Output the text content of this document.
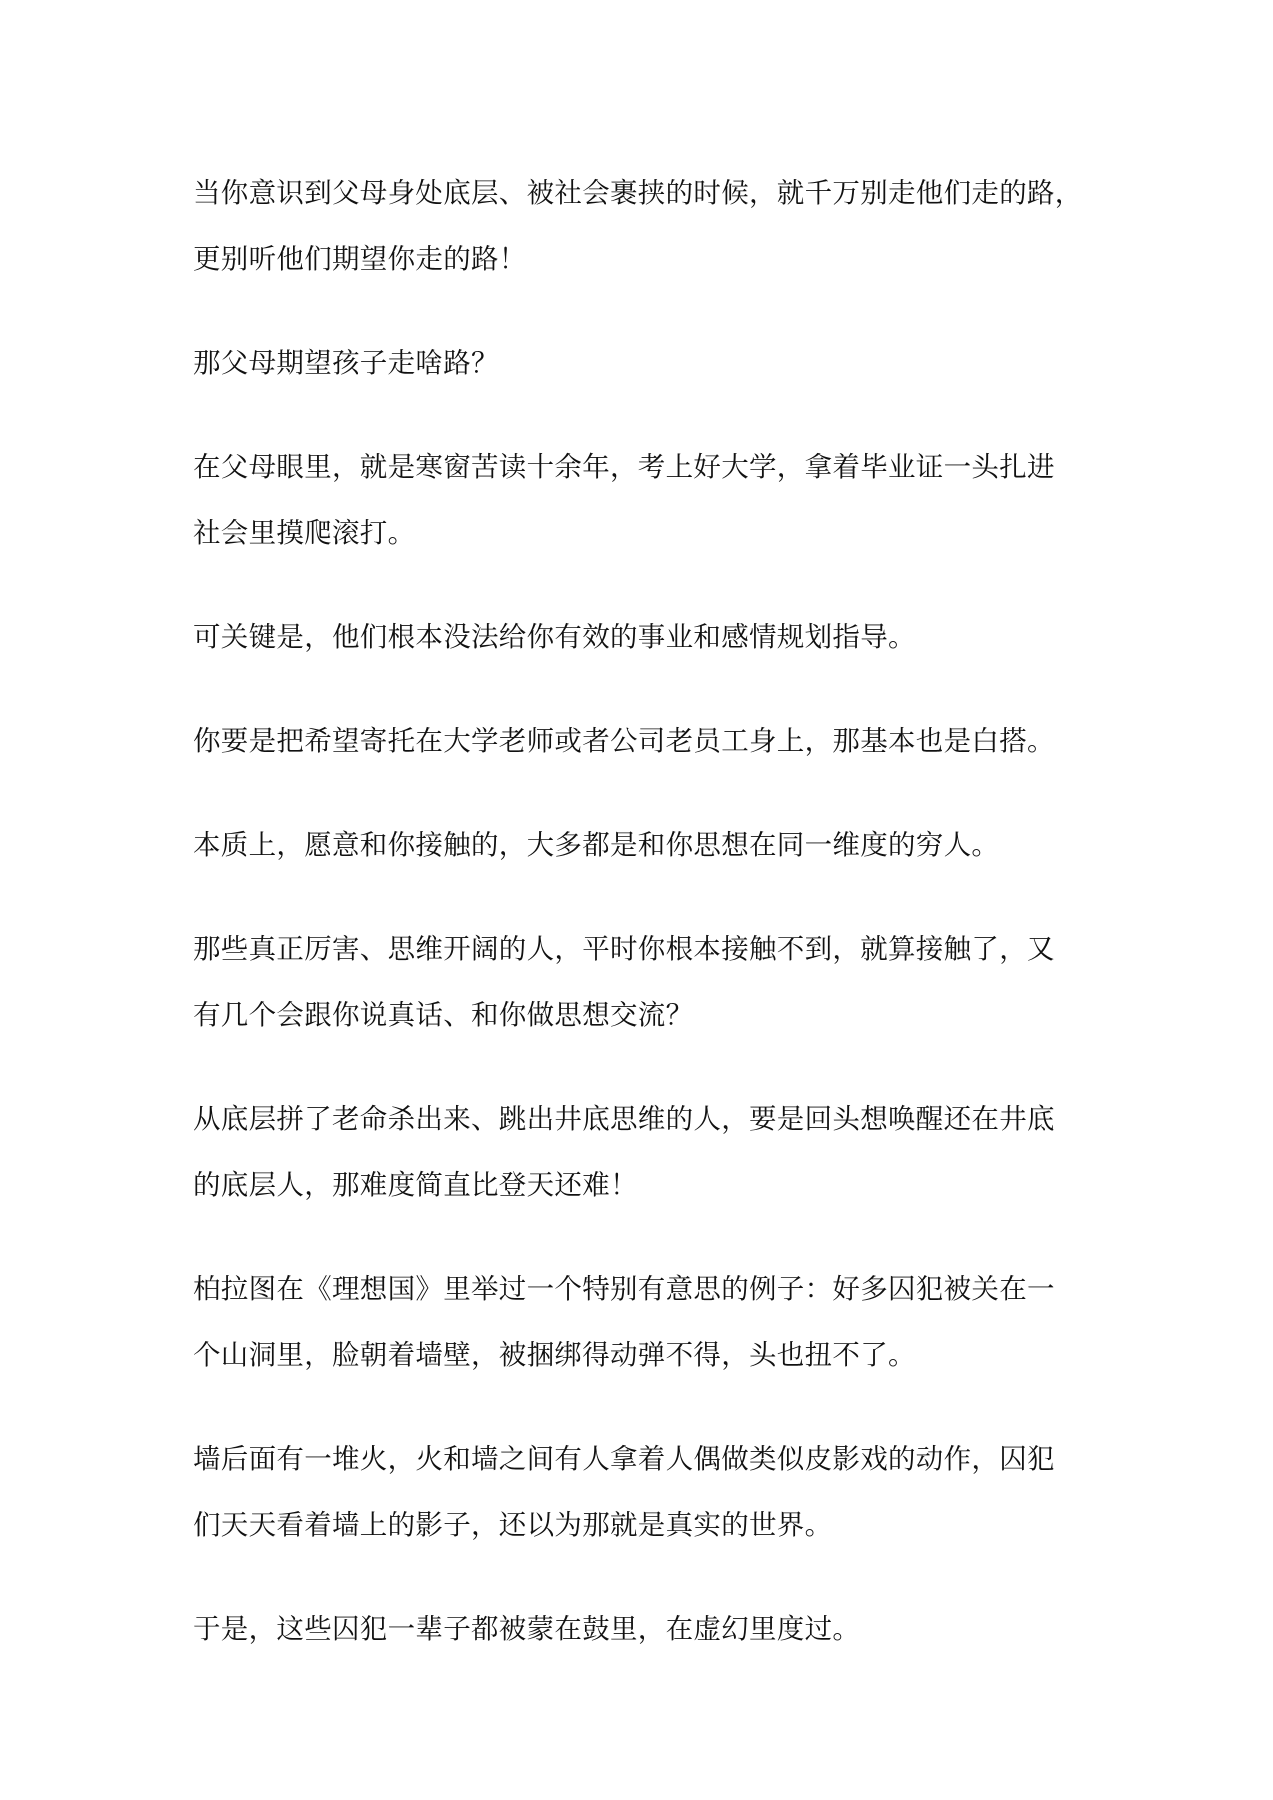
当你意识到父母身处底层、被社会裹挟的时候，就千万别走他们走的路，
更别听他们期望你走的路！

那父母期望孩子走啥路？

在父母眼里，就是寒窗苦读十余年，考上好大学，拿着毕业证一头扎进
社会里摸爬滚打。

可关键是，他们根本没法给你有效的事业和感情规划指导。

你要是把希望寄托在大学老师或者公司老员工身上，那基本也是白搭。

本质上，愿意和你接触的，大多都是和你思想在同一维度的穷人。

那些真正厉害、思维开阔的人，平时你根本接触不到，就算接触了，又
有几个会跟你说真话、和你做思想交流？

从底层拼了老命杀出来、跳出井底思维的人，要是回头想唤醒还在井底
的底层人，那难度简直比登天还难！

柏拉图在《理想国》里举过一个特别有意思的例子：好多囚犯被关在一
个山洞里，脸朝着墙壁，被捆绑得动弹不得，头也扭不了。

墙后面有一堆火，火和墙之间有人拿着人偶做类似皮影戏的动作，囚犯
们天天看着墙上的影子，还以为那就是真实的世界。

于是，这些囚犯一辈子都被蒙在鼓里，在虚幻里度过。
